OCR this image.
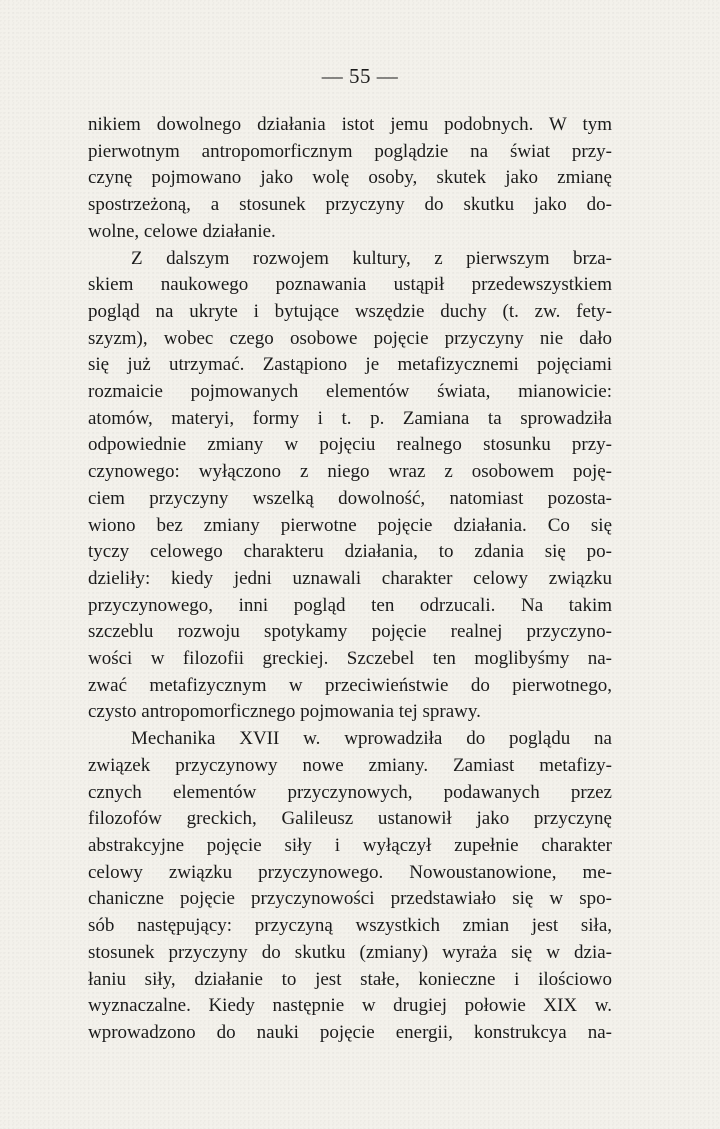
— 55 —
nikiem dowolnego działania istot jemu podobnych. W tym
pierwotnym antropomorficznym poglądzie na świat przy-
czynę pojmowano jako wolę osoby, skutek jako zmianę
spostrzeżoną, a stosunek przyczyny do skutku jako do-
wolne, celowe działanie.
Z dalszym rozwojem kultury, z pierwszym brza-
skiem naukowego poznawania ustąpił przedewszystkiem
pogląd na ukryte i bytujące wszędzie duchy (t. zw. fety-
szyzm), wobec czego osobowe pojęcie przyczyny nie dało
się już utrzymać. Zastąpiono je metafizycznemi pojęciami
rozmaicie pojmowanych elementów świata, mianowicie:
atomów, materyi, formy i t. p. Zamiana ta sprowadziła
odpowiednie zmiany w pojęciu realnego stosunku przy-
czynowego: wyłączono z niego wraz z osobowem poję-
ciem przyczyny wszelką dowolność, natomiast pozosta-
wiono bez zmiany pierwotne pojęcie działania. Co się
tyczy celowego charakteru działania, to zdania się po-
dzieliły: kiedy jedni uznawali charakter celowy związku
przyczynowego, inni pogląd ten odrzucali. Na takim
szczeblu rozwoju spotykamy pojęcie realnej przyczyno-
wości w filozofii greckiej. Szczebel ten moglibyśmy na-
zwać metafizycznym w przeciwieństwie do pierwotnego,
czysto antropomorficznego pojmowania tej sprawy.
Mechanika XVII w. wprowadziła do poglądu na
związek przyczynowy nowe zmiany. Zamiast metafizy-
cznych elementów przyczynowych, podawanych przez
filozofów greckich, Galileusz ustanowił jako przyczynę
abstrakcyjne pojęcie siły i wyłączył zupełnie charakter
celowy związku przyczynowego. Nowoustanowione, me-
chaniczne pojęcie przyczynowości przedstawiało się w spo-
sób następujący: przyczyną wszystkich zmian jest siła,
stosunek przyczyny do skutku (zmiany) wyraża się w dzia-
łaniu siły, działanie to jest stałe, konieczne i ilościowo
wyznaczalne. Kiedy następnie w drugiej połowie XIX w.
wprowadzono do nauki pojęcie energii, konstrukcya na-
